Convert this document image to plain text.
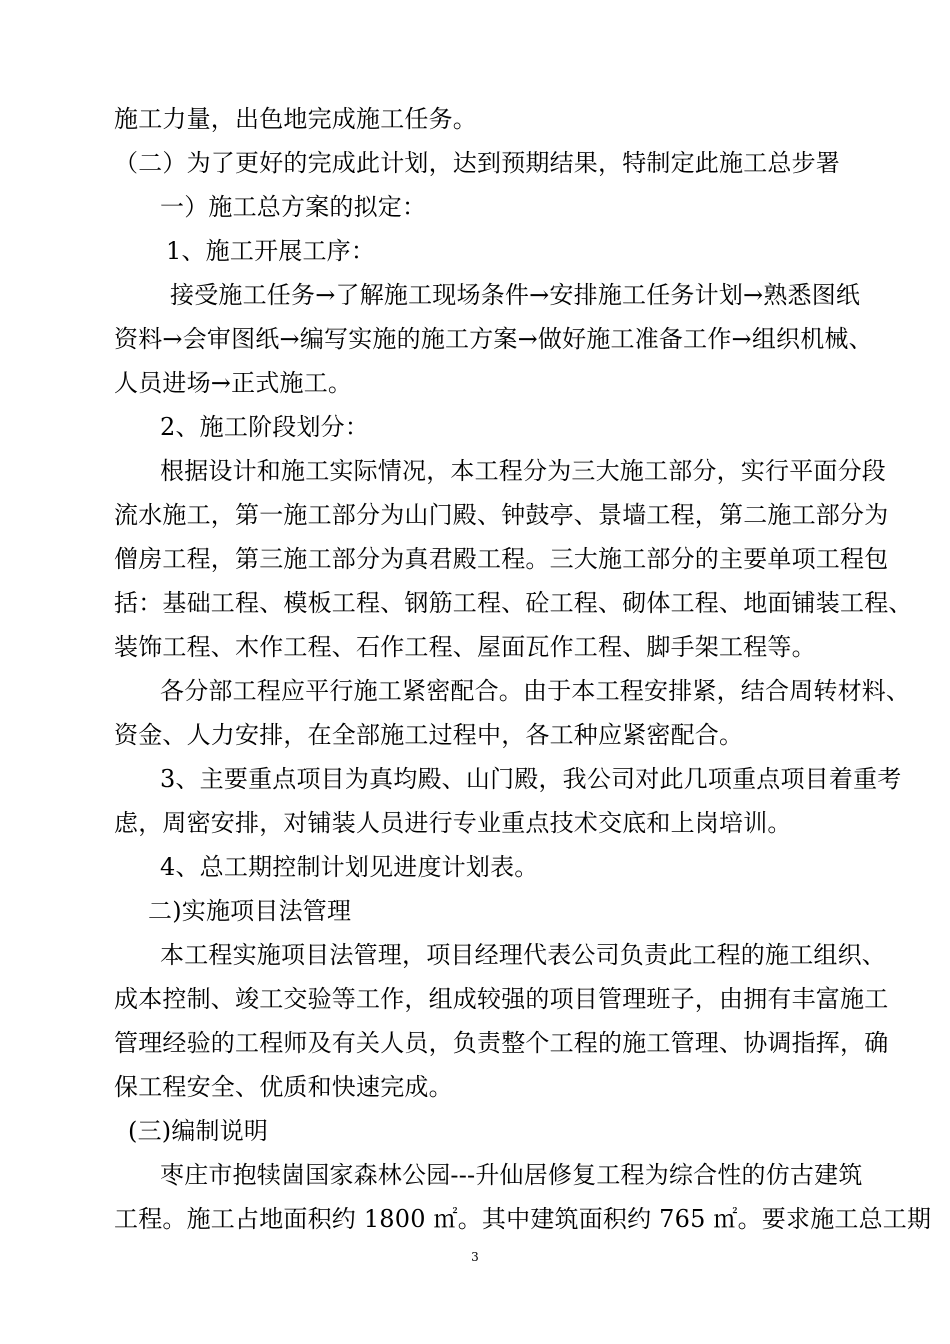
施工力量，出色地完成施工任务。
（二）为了更好的完成此计划，达到预期结果，特制定此施工总步署
一）施工总方案的拟定：
1、施工开展工序：
接受施工任务→了解施工现场条件→安排施工任务计划→熟悉图纸
资料→会审图纸→编写实施的施工方案→做好施工准备工作→组织机械、
人员进场→正式施工。
2、施工阶段划分：
根据设计和施工实际情况，本工程分为三大施工部分，实行平面分段
流水施工，第一施工部分为山门殿、钟鼓亭、景墙工程，第二施工部分为
僧房工程，第三施工部分为真君殿工程。三大施工部分的主要单项工程包
括：基础工程、模板工程、钢筋工程、砼工程、砌体工程、地面铺装工程、
装饰工程、木作工程、石作工程、屋面瓦作工程、脚手架工程等。
各分部工程应平行施工紧密配合。由于本工程安排紧，结合周转材料、
资金、人力安排，在全部施工过程中，各工种应紧密配合。
3、主要重点项目为真均殿、山门殿，我公司对此几项重点项目着重考
虑，周密安排，对铺装人员进行专业重点技术交底和上岗培训。
4、总工期控制计划见进度计划表。
二)实施项目法管理
本工程实施项目法管理，项目经理代表公司负责此工程的施工组织、
成本控制、竣工交验等工作，组成较强的项目管理班子，由拥有丰富施工
管理经验的工程师及有关人员，负责整个工程的施工管理、协调指挥，确
保工程安全、优质和快速完成。
(三)编制说明
枣庄市抱犊崮国家森林公园---升仙居修复工程为综合性的仿古建筑
工程。施工占地面积约 1800 ㎡。其中建筑面积约 765 ㎡。要求施工总工期
3
